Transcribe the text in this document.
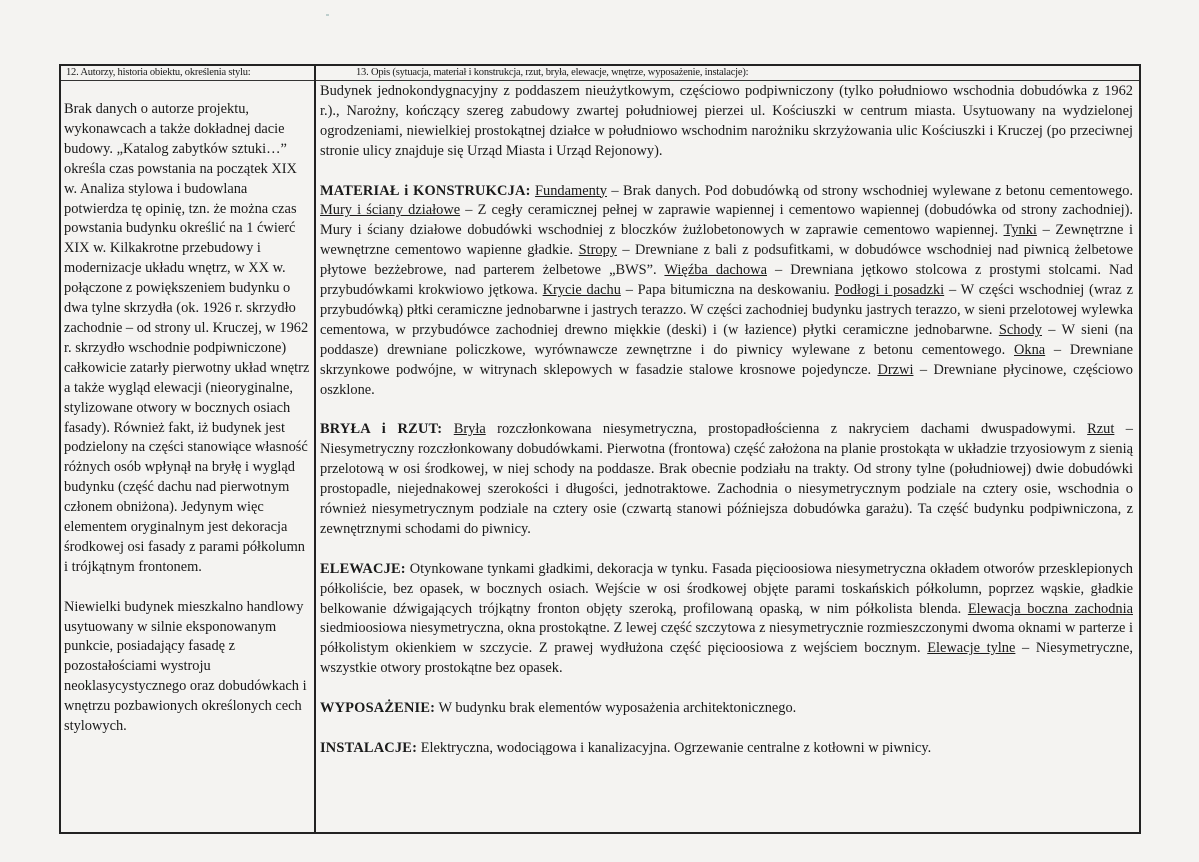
12. Autorzy, historia obiektu, określenia stylu:

Brak danych o autorze projektu, wykonawcach a także dokładnej dacie budowy. „Katalog zabytków sztuki…” określa czas powstania na początek XIX w. Analiza stylowa i budowlana potwierdza tę opinię, tzn. że można czas powstania budynku określić na 1 ćwierć XIX w. Kilkakrotne przebudowy i modernizacje układu wnętrz, w XX w. połączone z powiększeniem budynku o dwa tylne skrzydła (ok. 1926 r. skrzydło zachodnie – od strony ul. Kruczej, w 1962 r. skrzydło wschodnie podpiwniczone) całkowicie zatarły pierwotny układ wnętrz a także wygląd elewacji (nieoryginalne, stylizowane otwory w bocznych osiach fasady). Również fakt, iż budynek jest podzielony na części stanowiące własność różnych osób wpłynął na bryłę i wygląd budynku (część dachu nad pierwotnym członem obniżona). Jedynym więc elementem oryginalnym jest dekoracja środkowej osi fasady z parami półkolumn i trójkątnym frontonem.

Niewielki budynek mieszkalno handlowy usytuowany w silnie eksponowanym punkcie, posiadający fasadę z pozostałościami wystroju neoklasycystycznego oraz dobudówkach i wnętrzu pozbawionych określonych cech stylowych.

13. Opis (sytuacja, materiał i konstrukcja, rzut, bryła, elewacje, wnętrze, wyposażenie, instalacje):

Budynek jednokondygnacyjny z poddaszem nieużytkowym, częściowo podpiwniczony (tylko południowo wschodnia dobudówka z 1962 r.)., Narożny, kończący szereg zabudowy zwartej południowej pierzei ul. Kościuszki w centrum miasta. Usytuowany na wydzielonej ogrodzeniami, niewielkiej prostokątnej działce w południowo wschodnim narożniku skrzyżowania ulic Kościuszki i Kruczej (po przeciwnej stronie ulicy znajduje się Urząd Miasta i Urząd Rejonowy).

MATERIAŁ i KONSTRUKCJA: Fundamenty – Brak danych. Pod dobudówką od strony wschodniej wylewane z betonu cementowego. Mury i ściany działowe – Z cegły ceramicznej pełnej w zaprawie wapiennej i cementowo wapiennej (dobudówka od strony zachodniej). Mury i ściany działowe dobudówki wschodniej z bloczków żużlobetonowych w zaprawie cementowo wapiennej. Tynki – Zewnętrzne i wewnętrzne cementowo wapienne gładkie. Stropy – Drewniane z bali z podsufitkami, w dobudówce wschodniej nad piwnicą żelbetowe płytowe bezżebrowe, nad parterem żelbetowe „BWS”. Więźba dachowa – Drewniana jętkowo stolcowa z prostymi stolcami. Nad przybudówkami krokwiowo jętkowa. Krycie dachu – Papa bitumiczna na deskowaniu. Podłogi i posadzki – W części wschodniej (wraz z przybudówką) płtki ceramiczne jednobarwne i jastrych terazzo. W części zachodniej budynku jastrych terazzo, w sieni przelotowej wylewka cementowa, w przybudówce zachodniej drewno miękkie (deski) i (w łazience) płytki ceramiczne jednobarwne. Schody – W sieni (na poddasze) drewniane policzkowe, wyrównawcze zewnętrzne i do piwnicy wylewane z betonu cementowego. Okna – Drewniane skrzynkowe podwójne, w witrynach sklepowych w fasadzie stalowe krosnowe pojedyncze. Drzwi – Drewniane płycinowe, częściowo oszklone.

BRYŁA i RZUT: Bryła rozczłonkowana niesymetryczna, prostopadłościenna z nakryciem dachami dwuspadowymi. Rzut – Niesymetryczny rozczłonkowany dobudówkami. Pierwotna (frontowa) część założona na planie prostokąta w układzie trzyosiowym z sienią przelotową w osi środkowej, w niej schody na poddasze. Brak obecnie podziału na trakty. Od strony tylne (południowej) dwie dobudówki prostopadle, niejednakowej szerokości i długości, jednotraktowe. Zachodnia o niesymetrycznym podziale na cztery osie, wschodnia o również niesymetrycznym podziale na cztery osie (czwartą stanowi późniejsza dobudówka garażu). Ta część budynku podpiwniczona, z zewnętrznymi schodami do piwnicy.

ELEWACJE: Otynkowane tynkami gładkimi, dekoracja w tynku. Fasada pięcioosiowa niesymetryczna okładem otworów przesklepionych półkoliście, bez opasek, w bocznych osiach. Wejście w osi środkowej objęte parami toskańskich półkolumn, poprzez wąskie, gładkie belkowanie dźwigających trójkątny fronton objęty szeroką, profilowaną opaską, w nim półkolista blenda. Elewacja boczna zachodnia siedmioosiowa niesymetryczna, okna prostokątne. Z lewej część szczytowa z niesymetrycznie rozmieszczonymi dwoma oknami w parterze i półkolistym okienkiem w szczycie. Z prawej wydłużona część pięcioosiowa z wejściem bocznym. Elewacje tylne – Niesymetryczne, wszystkie otwory prostokątne bez opasek.

WYPOSAŻENIE: W budynku brak elementów wyposażenia architektonicznego.

INSTALACJE: Elektryczna, wodociągowa i kanalizacyjna. Ogrzewanie centralne z kotłowni w piwnicy.
